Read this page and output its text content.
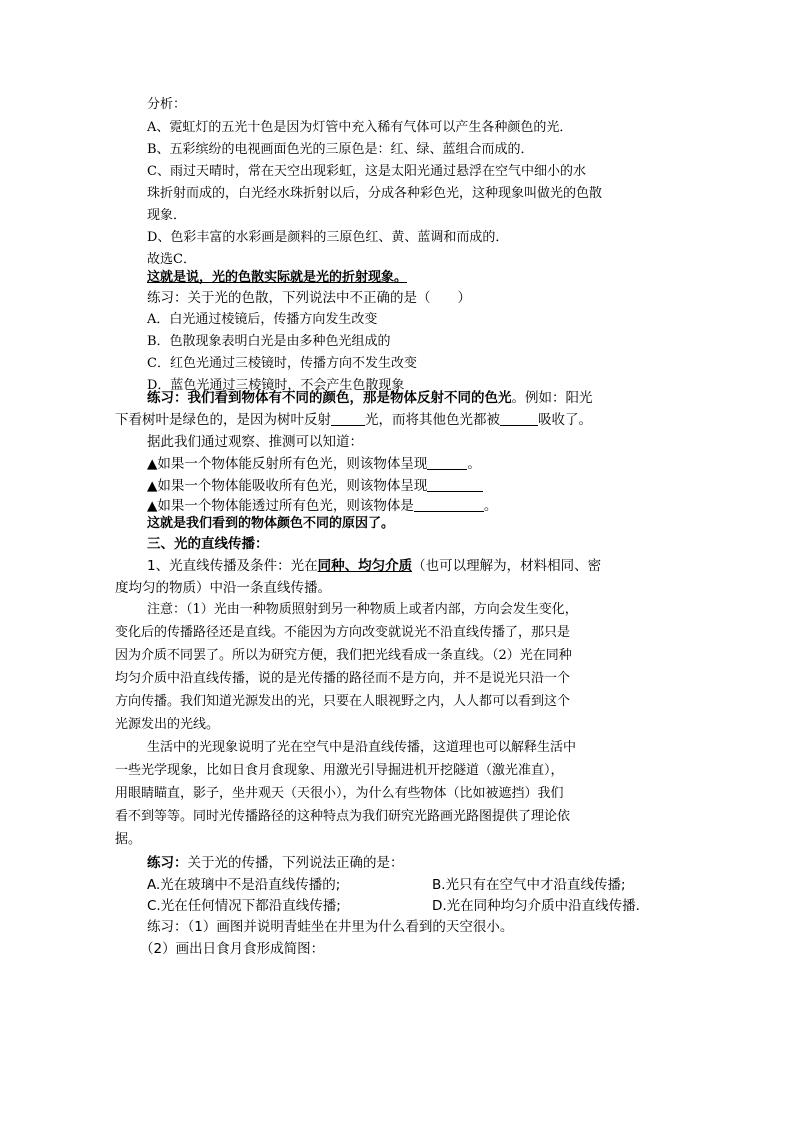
分析：
A、霓虹灯的五光十色是因为灯管中充入稀有气体可以产生各种颜色的光．
B、五彩缤纷的电视画面色光的三原色是：红、绿、蓝组合而成的．
C、雨过天晴时，常在天空出现彩虹，这是太阳光通过悬浮在空气中细小的水
珠折射而成的，白光经水珠折射以后，分成各种彩色光，这种现象叫做光的色散
现象．
D、色彩丰富的水彩画是颜料的三原色红、黄、蓝调和而成的．
故选C．
这就是说，光的色散实际就是光的折射现象。
练习：关于光的色散，下列说法中不正确的是（　　）
A．白光通过棱镜后，传播方向发生改变
B．色散现象表明白光是由多种色光组成的
C．红色光通过三棱镜时，传播方向不发生改变
D．蓝色光通过三棱镜时，不会产生色散现象
练习：我们看到物体有不同的颜色，那是物体反射不同的色光。例如：阳光
下看树叶是绿色的，是因为树叶反射	光，而将其他色光都被	吸收了。
据此我们通过观察、推测可以知道：
▲如果一个物体能反射所有色光，则该物体呈现	。
▲如果一个物体能吸收所有色光，则该物体呈现
▲如果一个物体能透过所有色光，则该物体是	。
这就是我们看到的物体颜色不同的原因了。
三、光的直线传播：
1、光直线传播及条件：光在同种、均匀介质（也可以理解为，材料相同、密
度均匀的物质）中沿一条直线传播。
注意：（1）光由一种物质照射到另一种物质上或者内部，方向会发生变化，
变化后的传播路径还是直线。不能因为方向改变就说光不沿直线传播了，那只是
因为介质不同罢了。所以为研究方便，我们把光线看成一条直线。（2）光在同种
均匀介质中沿直线传播，说的是光传播的路径而不是方向，并不是说光只沿一个
方向传播。我们知道光源发出的光，只要在人眼视野之内，人人都可以看到这个
光源发出的光线。
生活中的光现象说明了光在空气中是沿直线传播，这道理也可以解释生活中
一些光学现象，比如日食月食现象、用激光引导掘进机开挖隧道（激光准直），
用眼睛瞄直，影子，坐井观天（天很小），为什么有些物体（比如被遮挡）我们
看不到等等。同时光传播路径的这种特点为我们研究光路画光路图提供了理论依
据。
练习：关于光的传播，下列说法正确的是：
A.光在玻璃中不是沿直线传播的;	B.光只有在空气中才沿直线传播;
C.光在任何情况下都沿直线传播;	D.光在同种均匀介质中沿直线传播．
练习：（1）画图并说明青蛙坐在井里为什么看到的天空很小。
（2）画出日食月食形成简图：
